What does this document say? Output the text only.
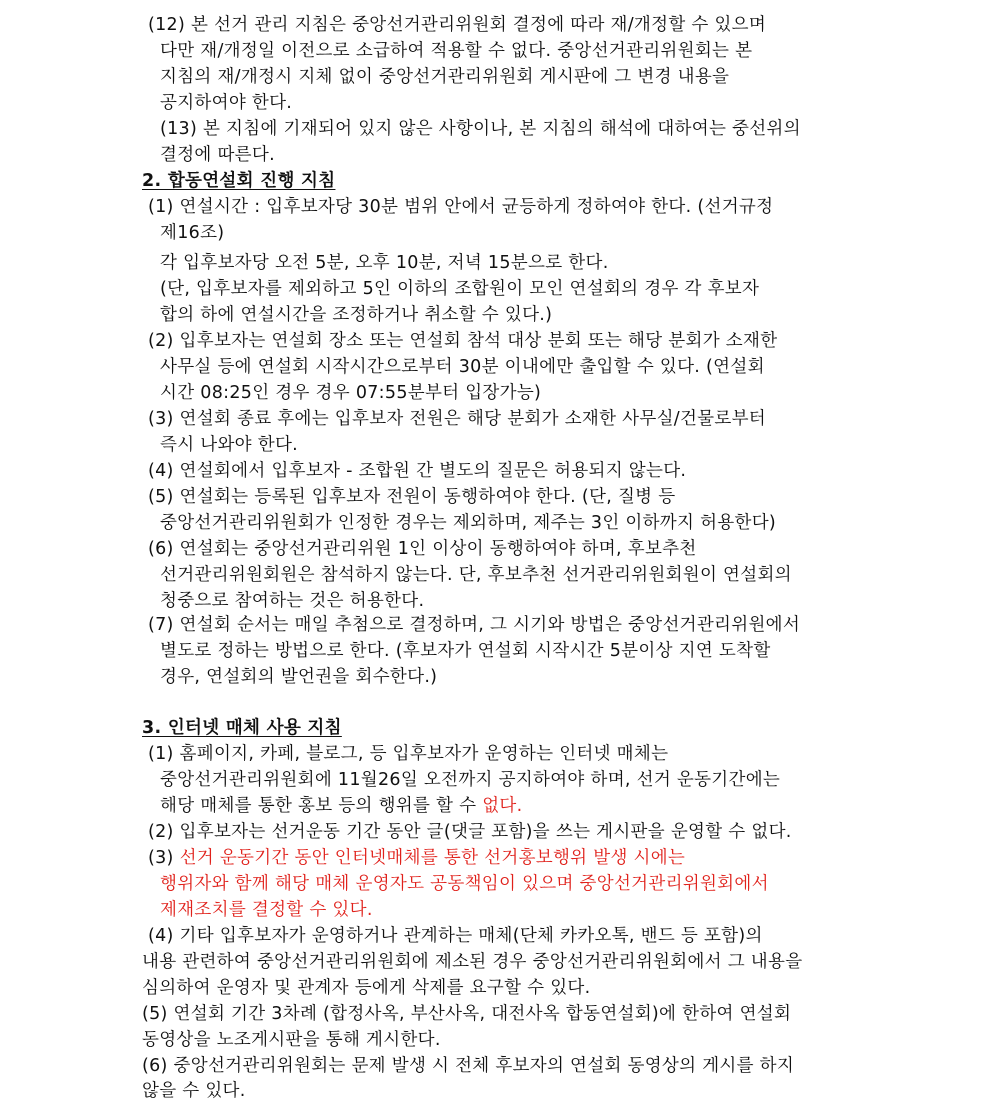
(12) 본 선거 관리 지침은 중앙선거관리위원회 결정에 따라 재/개정할 수 있으며
다만 재/개정일 이전으로 소급하여 적용할 수 없다. 중앙선거관리위원회는 본
지침의 재/개정시 지체 없이 중앙선거관리위원회 게시판에 그 변경 내용을
공지하여야 한다.
(13) 본 지침에 기재되어 있지 않은 사항이나, 본 지침의 해석에 대하여는 중선위의
결정에 따른다.
2. 합동연설회 진행 지침
(1) 연설시간 : 입후보자당 30분 범위 안에서 균등하게 정하여야 한다. (선거규정
제16조)
각 입후보자당 오전 5분, 오후 10분, 저녁 15분으로 한다.
(단, 입후보자를 제외하고 5인 이하의 조합원이 모인 연설회의 경우 각 후보자
합의 하에 연설시간을 조정하거나 취소할 수 있다.)
(2) 입후보자는 연설회 장소 또는 연설회 참석 대상 분회 또는 해당 분회가 소재한
사무실 등에 연설회 시작시간으로부터 30분 이내에만 출입할 수 있다. (연설회
시간 08:25인 경우 경우 07:55분부터 입장가능)
(3) 연설회 종료 후에는 입후보자 전원은 해당 분회가 소재한 사무실/건물로부터
즉시 나와야 한다.
(4) 연설회에서 입후보자 - 조합원 간 별도의 질문은 허용되지 않는다.
(5) 연설회는 등록된 입후보자 전원이 동행하여야 한다. (단, 질병 등
중앙선거관리위원회가 인정한 경우는 제외하며, 제주는 3인 이하까지 허용한다)
(6) 연설회는 중앙선거관리위원 1인 이상이 동행하여야 하며, 후보추천
선거관리위원회원은 참석하지 않는다. 단, 후보추천 선거관리위원회원이 연설회의
청중으로 참여하는 것은 허용한다.
(7) 연설회 순서는 매일 추첨으로 결정하며, 그 시기와 방법은 중앙선거관리위원에서
별도로 정하는 방법으로 한다. (후보자가 연설회 시작시간 5분이상 지연 도착할
경우, 연설회의 발언권을 회수한다.)
3. 인터넷 매체 사용 지침
(1) 홈페이지, 카페, 블로그, 등 입후보자가 운영하는 인터넷 매체는
중앙선거관리위원회에 11월26일 오전까지 공지하여야 하며, 선거 운동기간에는
해당 매체를 통한 홍보 등의 행위를 할 수 없다.
(2) 입후보자는 선거운동 기간 동안 글(댓글 포함)을 쓰는 게시판을 운영할 수 없다.
(3) 선거 운동기간 동안 인터넷매체를 통한 선거홍보행위 발생 시에는
행위자와 함께 해당 매체 운영자도 공동책임이 있으며 중앙선거관리위원회에서
제재조치를 결정할 수 있다.
(4) 기타 입후보자가 운영하거나 관계하는 매체(단체 카카오톡, 밴드 등 포함)의
내용 관련하여 중앙선거관리위원회에 제소된 경우 중앙선거관리위원회에서 그 내용을
심의하여 운영자 및 관계자 등에게 삭제를 요구할 수 있다.
(5) 연설회 기간 3차례 (합정사옥, 부산사옥, 대전사옥 합동연설회)에 한하여 연설회
동영상을 노조게시판을 통해 게시한다.
(6) 중앙선거관리위원회는 문제 발생 시 전체 후보자의 연설회 동영상의 게시를 하지
않을 수 있다.
